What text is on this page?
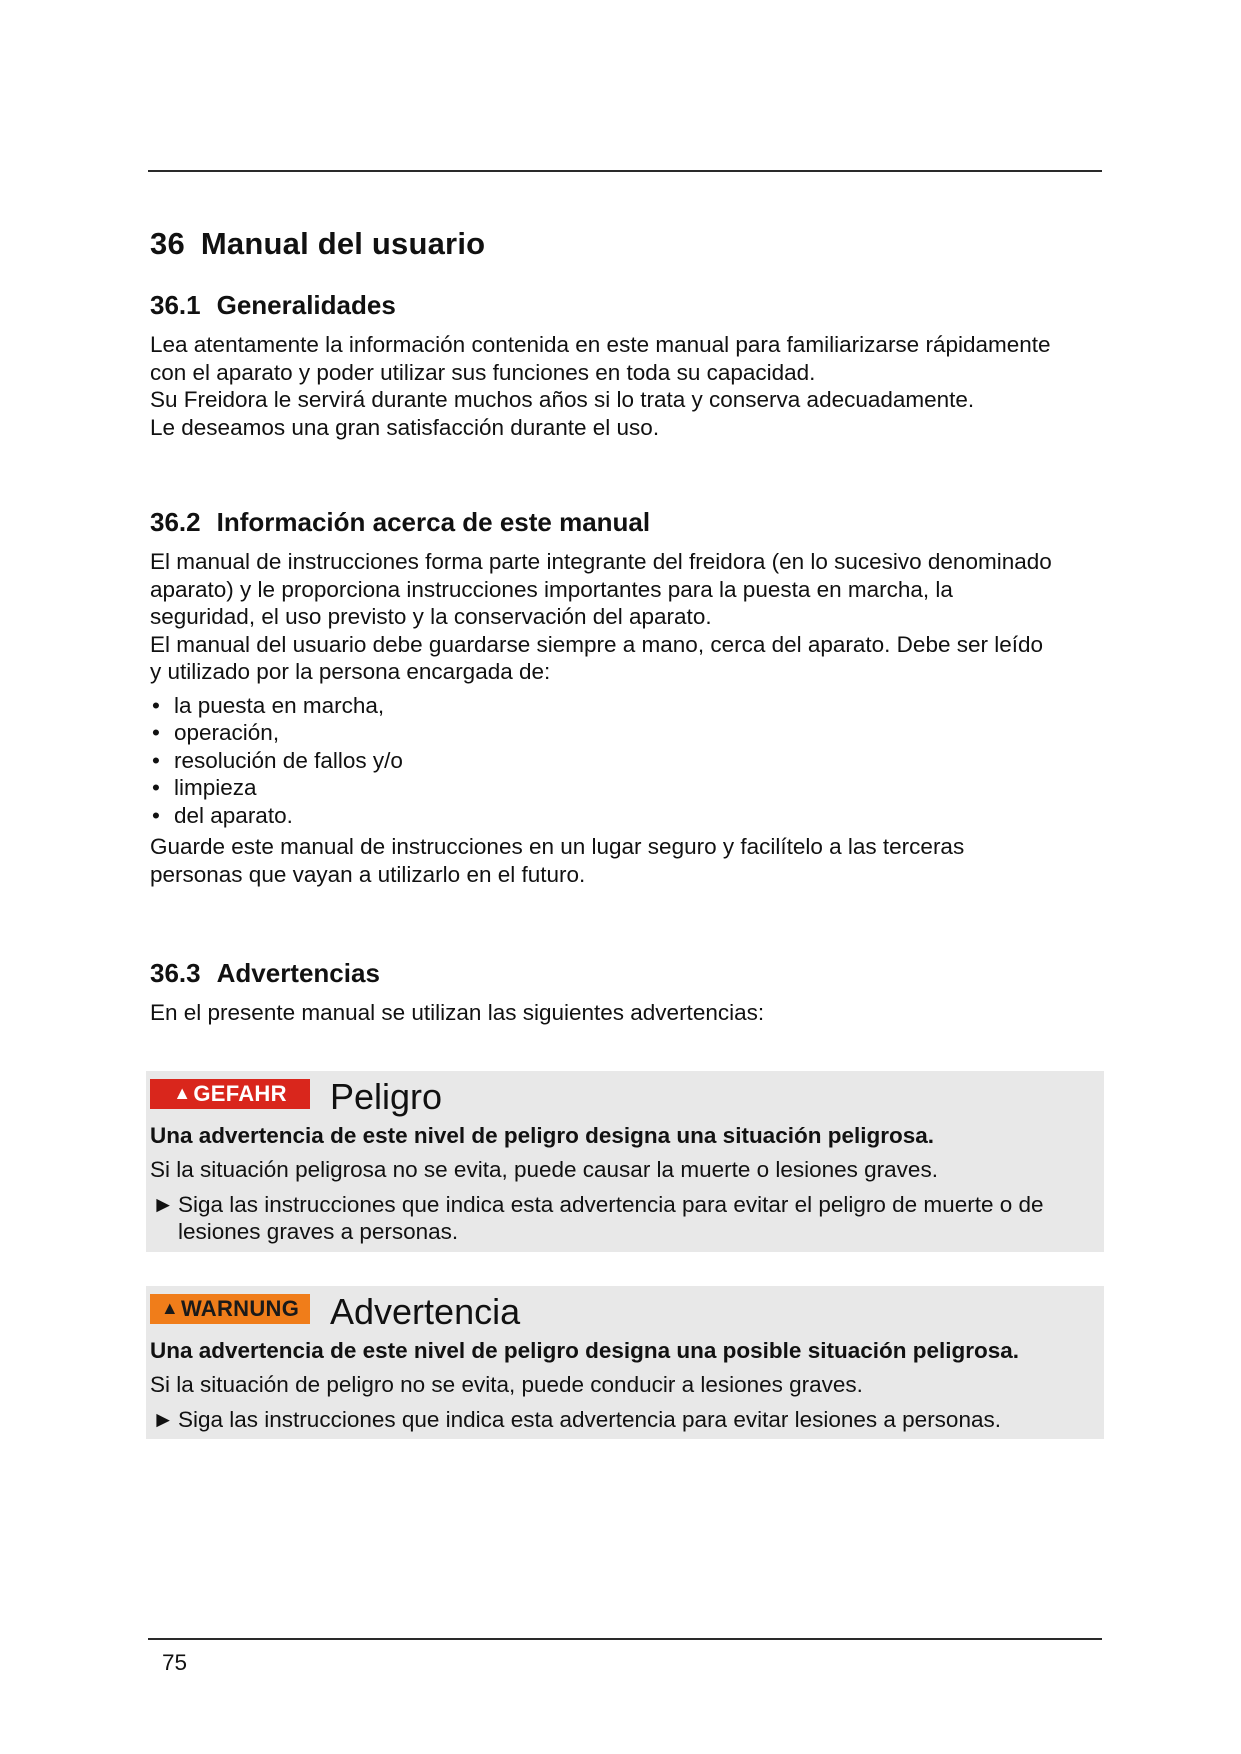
36 Manual del usuario
36.1 Generalidades

Lea atentamente la información contenida en este manual para familiarizarse rápidamente
con el aparato y poder utilizar sus funciones en toda su capacidad.
Su Freidora le servirá durante muchos años si lo trata y conserva adecuadamente.
Le deseamos una gran satisfacción durante el uso.

36.2 Información acerca de este manual

El manual de instrucciones forma parte integrante del freidora (en lo sucesivo denominado
aparato) y le proporciona instrucciones importantes para la puesta en marcha, la
seguridad, el uso previsto y la conservación del aparato.
El manual del usuario debe guardarse siempre a mano, cerca del aparato. Debe ser leído
y utilizado por la persona encargada de:

• la puesta en marcha,
• operación,
• resolución de fallos y/o
• limpieza
• del aparato.

Guarde este manual de instrucciones en un lugar seguro y facilítelo a las terceras
personas que vayan a utilizarlo en el futuro.

36.3 Advertencias

En el presente manual se utilizan las siguientes advertencias:

▲ GEFAHR Peligro
Una advertencia de este nivel de peligro designa una situación peligrosa.
Si la situación peligrosa no se evita, puede causar la muerte o lesiones graves.
► Siga las instrucciones que indica esta advertencia para evitar el peligro de muerte o de
lesiones graves a personas.
▲ WARNUNG Advertencia
Una advertencia de este nivel de peligro designa una posible situación peligrosa.
Si la situación de peligro no se evita, puede conducir a lesiones graves.
► Siga las instrucciones que indica esta advertencia para evitar lesiones a personas.
75
